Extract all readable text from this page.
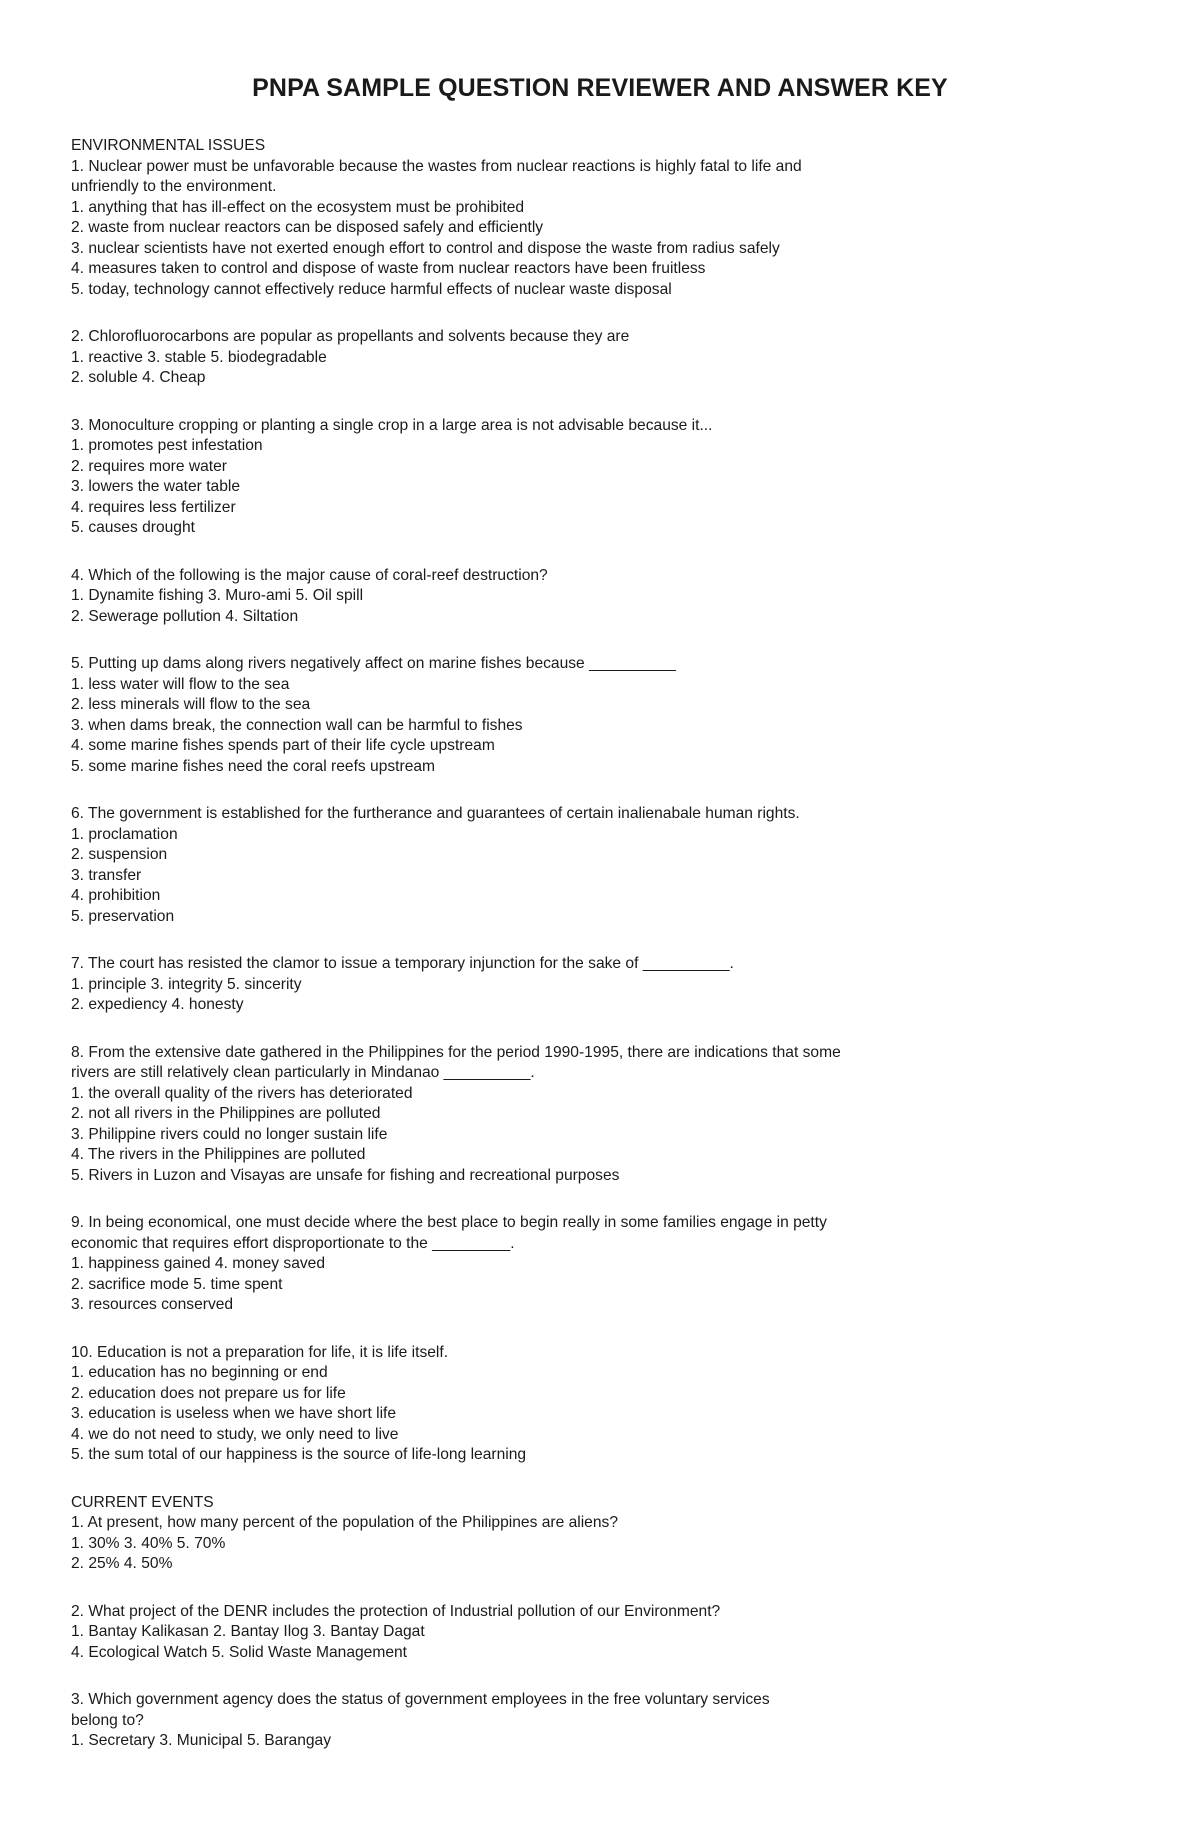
PNPA SAMPLE QUESTION REVIEWER AND ANSWER KEY
ENVIRONMENTAL ISSUES
1. Nuclear power must be unfavorable because the wastes from nuclear reactions is highly fatal to life and
unfriendly to the environment.
1. anything that has ill-effect on the ecosystem must be prohibited
2. waste from nuclear reactors can be disposed safely and efficiently
3. nuclear scientists have not exerted enough effort to control and dispose the waste from radius safely
4. measures taken to control and dispose of waste from nuclear reactors have been fruitless
5. today, technology cannot effectively reduce harmful effects of nuclear waste disposal
2. Chlorofluorocarbons are popular as propellants and solvents because they are
1. reactive 3. stable 5. biodegradable
2. soluble 4. Cheap
3. Monoculture cropping or planting a single crop in a large area is not advisable because it...
1. promotes pest infestation
2. requires more water
3. lowers the water table
4. requires less fertilizer
5. causes drought
4. Which of the following is the major cause of coral-reef destruction?
1. Dynamite fishing 3. Muro-ami 5. Oil spill
2. Sewerage pollution 4. Siltation
5. Putting up dams along rivers negatively affect on marine fishes because __________
1. less water will flow to the sea
2. less minerals will flow to the sea
3. when dams break, the connection wall can be harmful to fishes
4. some marine fishes spends part of their life cycle upstream
5. some marine fishes need the coral reefs upstream
6. The government is established for the furtherance and guarantees of certain inalienabale human rights.
1. proclamation
2. suspension
3. transfer
4. prohibition
5. preservation
7. The court has resisted the clamor to issue a temporary injunction for the sake of __________.
1. principle 3. integrity 5. sincerity
2. expediency 4. honesty
8. From the extensive date gathered in the Philippines for the period 1990-1995, there are indications that some
rivers are still relatively clean particularly in Mindanao __________.
1. the overall quality of the rivers has deteriorated
2. not all rivers in the Philippines are polluted
3. Philippine rivers could no longer sustain life
4. The rivers in the Philippines are polluted
5. Rivers in Luzon and Visayas are unsafe for fishing and recreational purposes
9. In being economical, one must decide where the best place to begin really in some families engage in petty
economic that requires effort disproportionate to the _________.
1. happiness gained 4. money saved
2. sacrifice mode 5. time spent
3. resources conserved
10. Education is not a preparation for life, it is life itself.
1. education has no beginning or end
2. education does not prepare us for life
3. education is useless when we have short life
4. we do not need to study, we only need to live
5. the sum total of our happiness is the source of life-long learning
CURRENT EVENTS
1. At present, how many percent of the population of the Philippines are aliens?
1. 30% 3. 40% 5. 70%
2. 25% 4. 50%
2. What project of the DENR includes the protection of Industrial pollution of our Environment?
1. Bantay Kalikasan 2. Bantay Ilog 3. Bantay Dagat
4. Ecological Watch 5. Solid Waste Management
3. Which government agency does the status of government employees in the free voluntary services
belong to?
1. Secretary 3. Municipal 5. Barangay
